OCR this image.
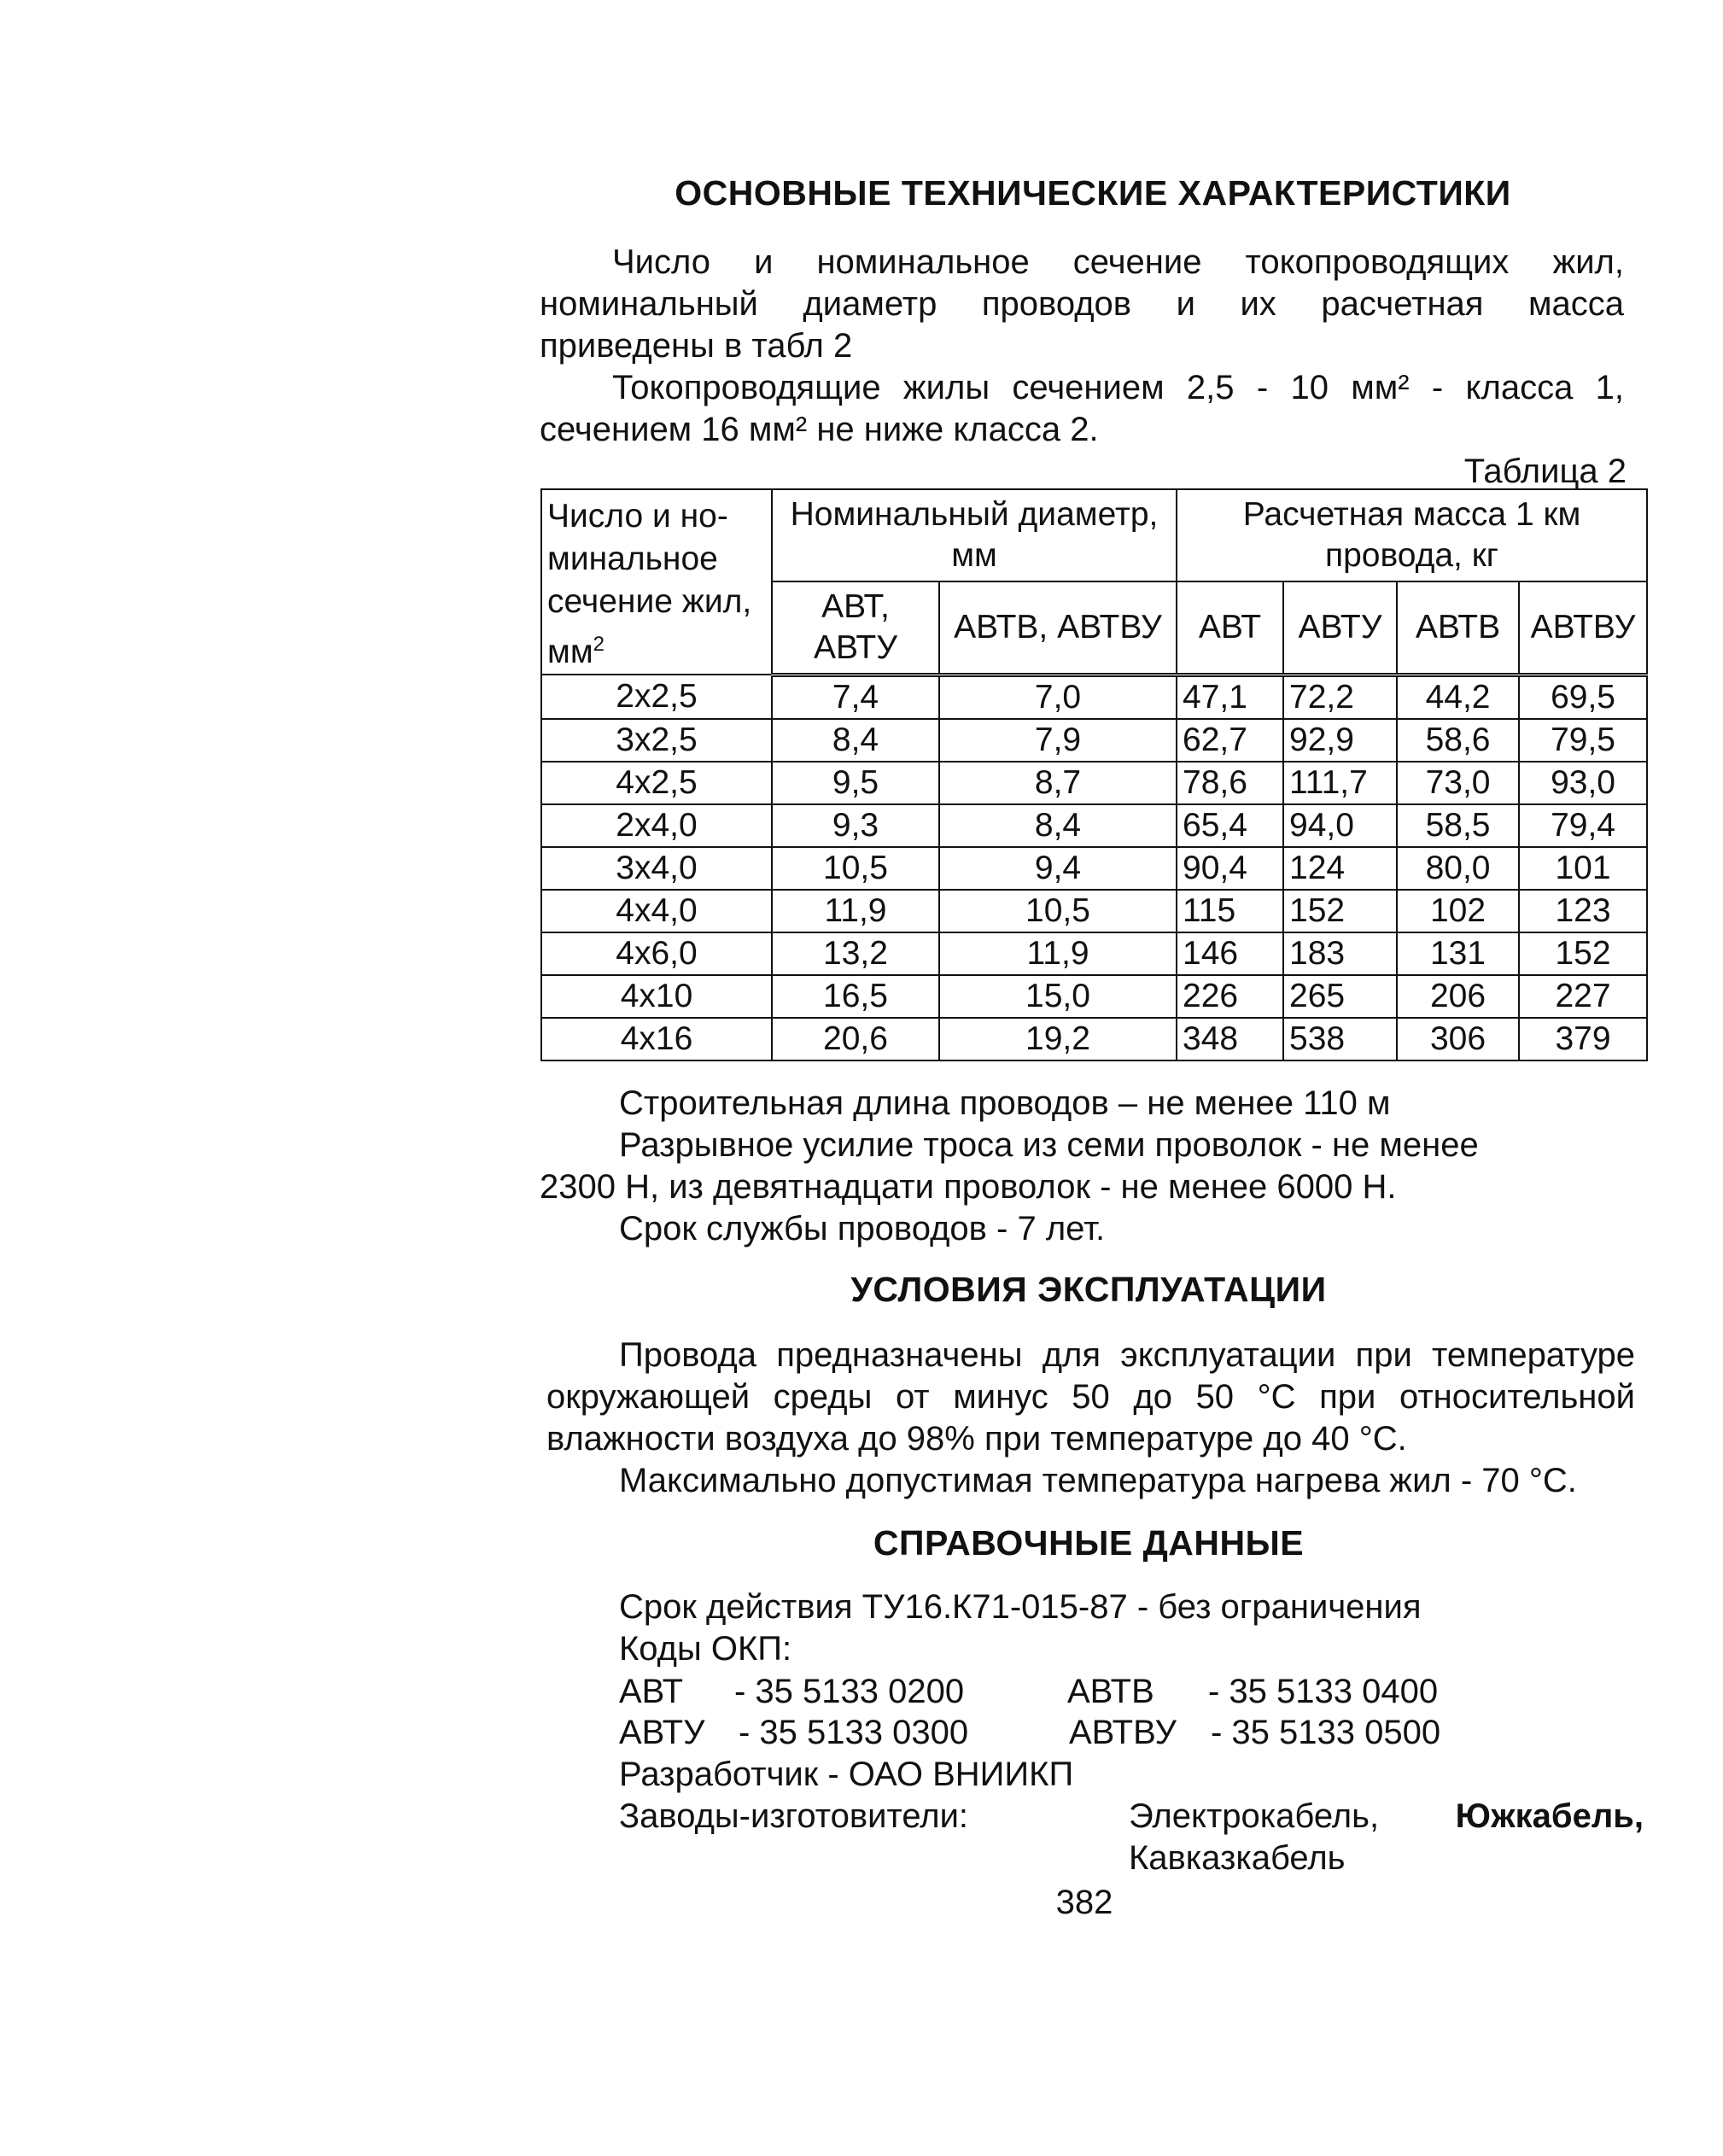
ОСНОВНЫЕ ТЕХНИЧЕСКИЕ ХАРАКТЕРИСТИКИ
Число и номинальное сечение токопроводящих жил,
номинальный диаметр проводов и их расчетная масса
приведены в табл 2
Токопроводящие жилы сечением 2,5 - 10 мм² - класса 1,
сечением 16 мм² не ниже класса 2.
Таблица 2
Число и но-минальное сечение жил, $мм^2$	Номинальный диаметр, мм		Расчетная масса 1 км провода, кг			
	АВТ, АВТУ	АВТВ, АВТВУ	АВТ	АВТУ	АВТВ	АВТВУ
2x2,5	7,4	7,0	47,1	72,2	44,2	69,5
3x2,5	8,4	7,9	62,7	92,9	58,6	79,5
4x2,5	9,5	8,7	78,6	111,7	73,0	93,0
2x4,0	9,3	8,4	65,4	94,0	58,5	79,4
3x4,0	10,5	9,4	90,4	124	80,0	101
4x4,0	11,9	10,5	115	152	102	123
4x6,0	13,2	11,9	146	183	131	152
4x10	16,5	15,0	226	265	206	227
4x16	20,6	19,2	348	538	306	379
Строительная длина проводов – не менее 110 м
Разрывное усилие троса из семи проволок - не менее
2300 Н, из девятнадцати проволок - не менее 6000 Н.
Срок службы проводов - 7 лет.
УСЛОВИЯ ЭКСПЛУАТАЦИИ
Провода предназначены для эксплуатации при температуре
окружающей среды от минус 50 до 50 °С при относительной
влажности воздуха до 98% при температуре до 40 °С.
Максимально допустимая температура нагрева жил - 70 °С.
СПРАВОЧНЫЕ ДАННЫЕ
Срок действия ТУ16.К71-015-87 - без ограничения
Коды ОКП:
АВТ - 35 5133 0200	АВТВ - 35 5133 0400
АВТУ - 35 5133 0300	АВТВУ - 35 5133 0500
Разработчик - ОАО ВНИИКП
Заводы-изготовители:	Электрокабель,	Южкабель,
Кавказкабель
382
